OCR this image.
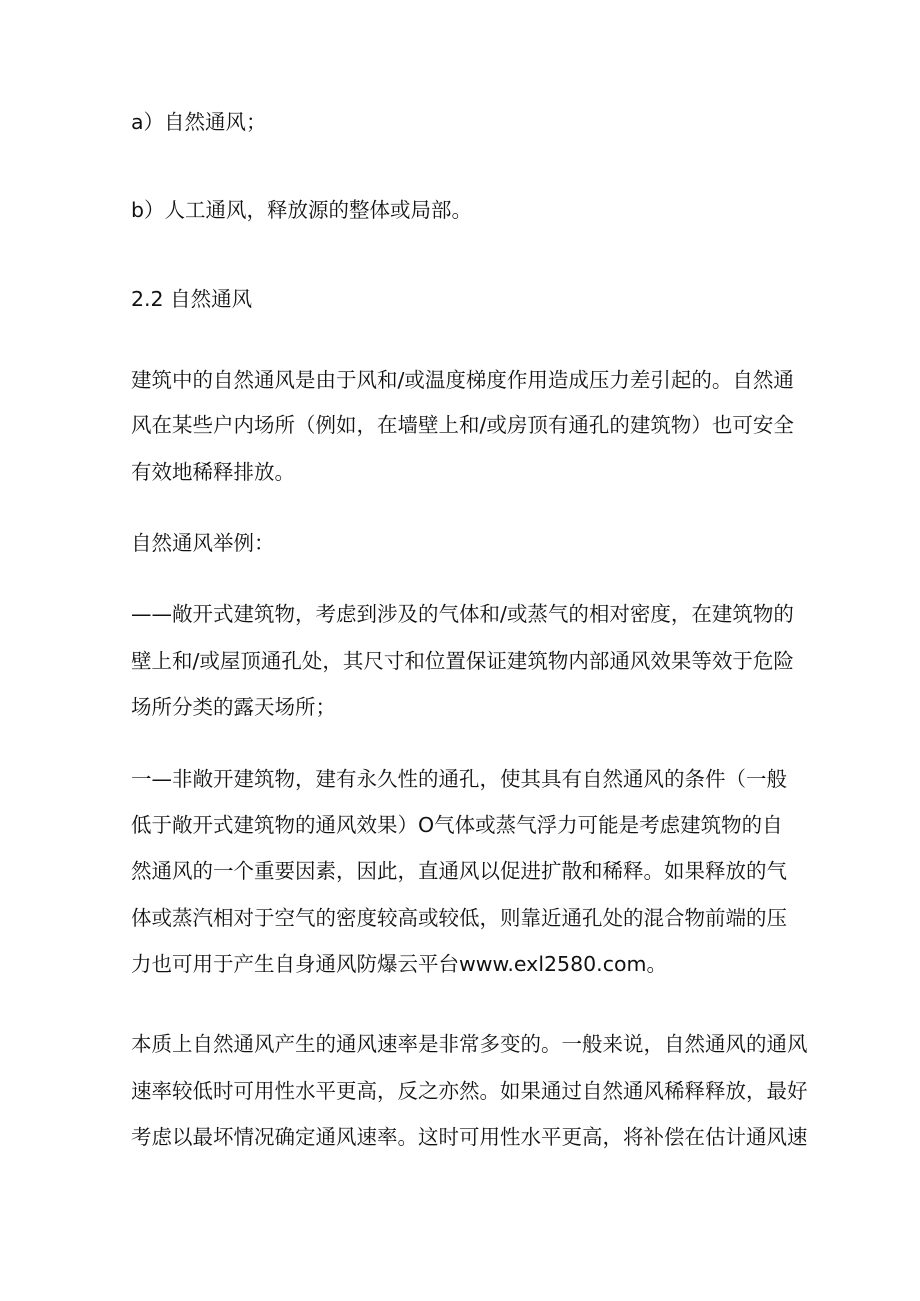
a）自然通风；
b）人工通风，释放源的整体或局部。
2.2 自然通风
建筑中的自然通风是由于风和/或温度梯度作用造成压力差引起的。自然通
风在某些户内场所（例如，在墙壁上和/或房顶有通孔的建筑物）也可安全
有效地稀释排放。
自然通风举例：
——敞开式建筑物，考虑到涉及的气体和/或蒸气的相对密度，在建筑物的
壁上和/或屋顶通孔处，其尺寸和位置保证建筑物内部通风效果等效于危险
场所分类的露天场所；
一—非敞开建筑物，建有永久性的通孔，使其具有自然通风的条件（一般
低于敞开式建筑物的通风效果）O气体或蒸气浮力可能是考虑建筑物的自
然通风的一个重要因素，因此，直通风以促进扩散和稀释。如果释放的气
体或蒸汽相对于空气的密度较高或较低，则靠近通孔处的混合物前端的压
力也可用于产生自身通风防爆云平台www.exl2580.com。
本质上自然通风产生的通风速率是非常多变的。一般来说，自然通风的通风
速率较低时可用性水平更高，反之亦然。如果通过自然通风稀释释放，最好
考虑以最坏情况确定通风速率。这时可用性水平更高，将补偿在估计通风速
